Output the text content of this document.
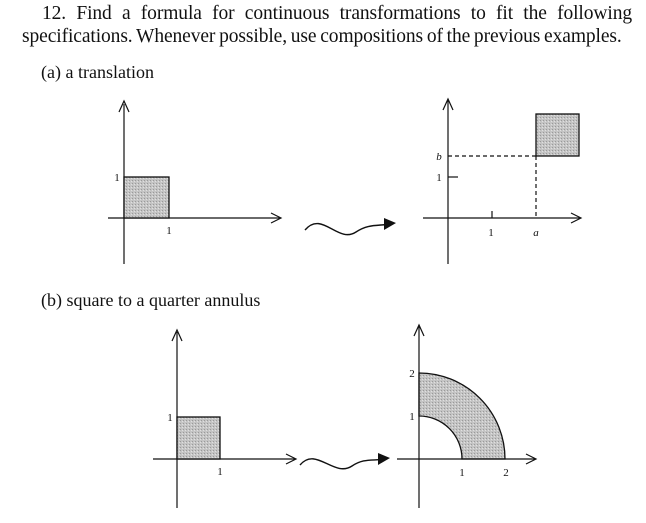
12. Find a formula for continuous transformations to fit the following
specifications. Whenever possible, use compositions of the previous examples.
(a) a translation
(b) square to a quarter annulus
1
1
1	a
1
b
1
1
1	2
1
2
